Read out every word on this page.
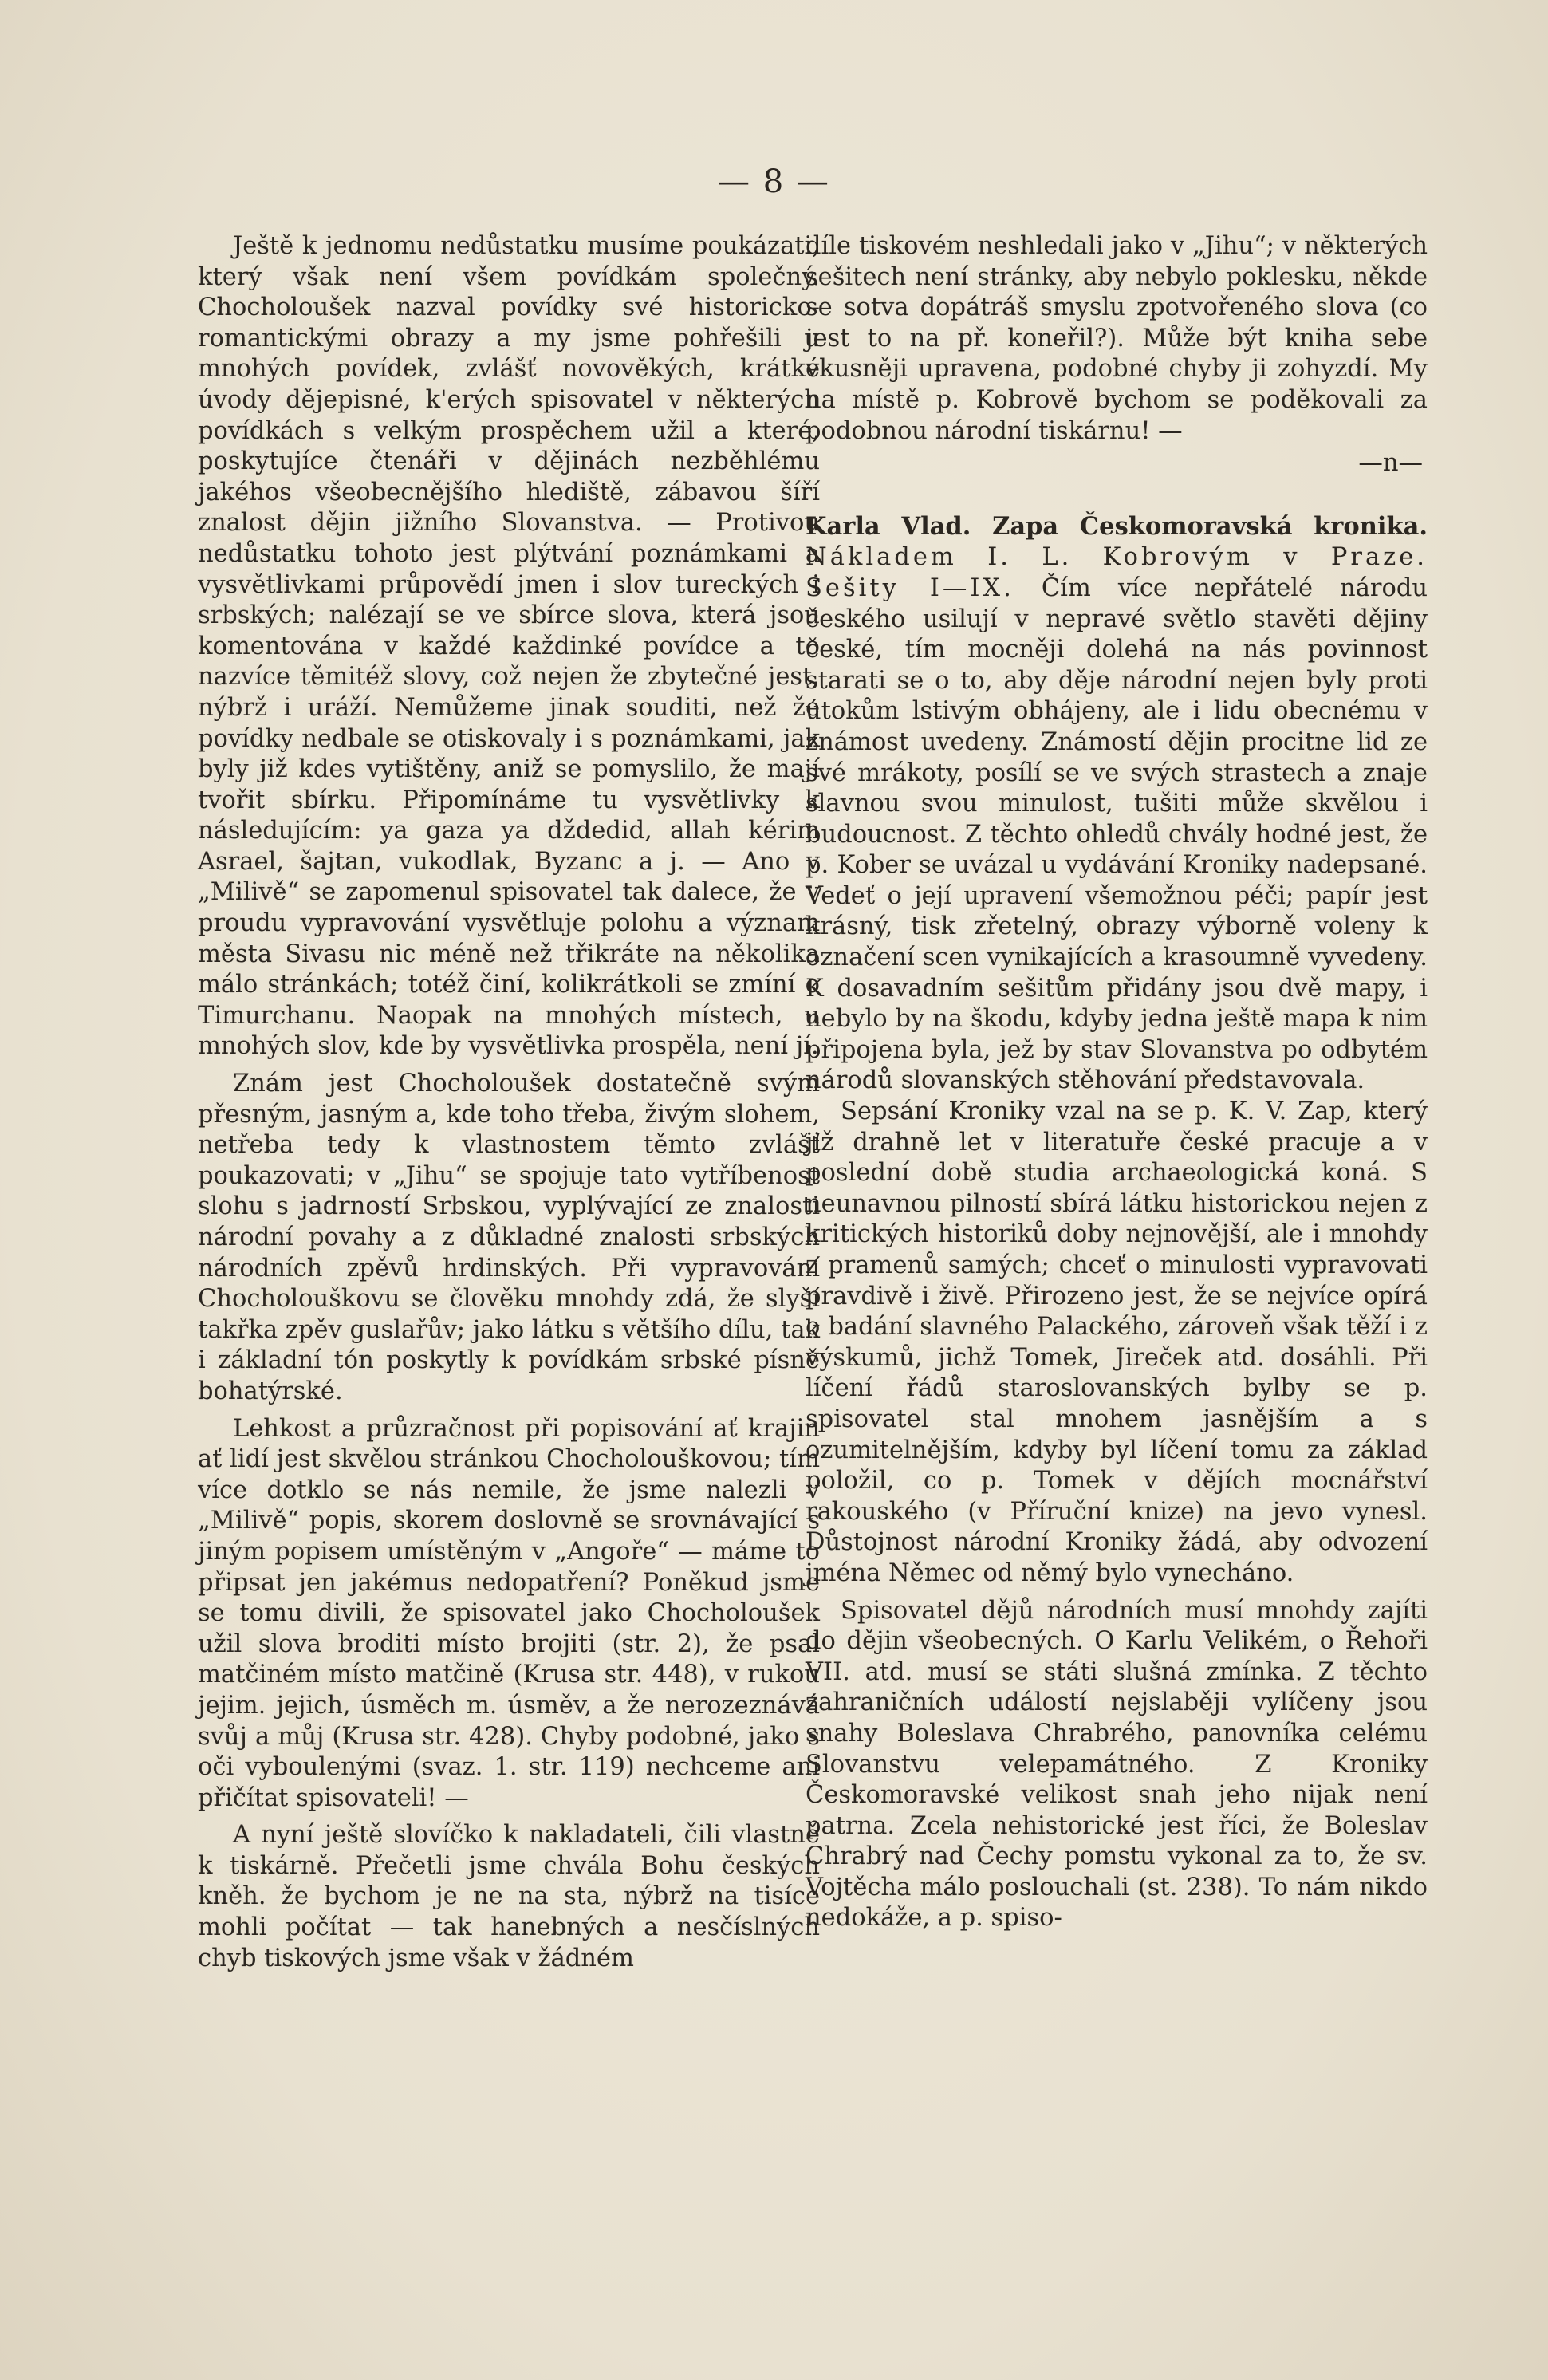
— 8 —

Ještě k jednomu nedůstatku musíme poukázati, který však není všem povídkám společný. Chocholoušek nazval povídky své historicko-romantickými obrazy a my jsme pohřešili u mnohých povídek, zvlášť novověkých, krátké úvody dějepisné, k'erých spisovatel v některých povídkách s velkým prospěchem užil a které, poskytujíce čtenáři v dějinách nezběhlému jakéhos všeobecnějšího hlediště, zábavou šíří znalost dějin jižního Slovanstva. — Protivou nedůstatku tohoto jest plýtvání poznámkami a vysvětlivkami průpovědí jmen i slov tureckých i srbských; nalézají se ve sbírce slova, která jsou komentována v každé každinké povídce a to nazvíce těmitéž slovy, což nejen že zbytečné jest, nýbrž i uráží. Nemůžeme jinak souditi, než že povídky nedbale se otiskovaly i s poznámkami, jak byly již kdes vytištěny, aniž se pomyslilo, že mají tvořit sbírku. Připomínáme tu vysvětlivky k následujícím: ya gaza ya dždedid, allah kérim Asrael, šajtan, vukodlak, Byzanc a j. — Ano v „Milivě“ se zapomenul spisovatel tak dalece, že v proudu vypravování vysvětluje polohu a význam města Sivasu nic méně než třikráte na několika málo stránkách; totéž činí, kolikrátkoli se zmíní o Timurchanu. Naopak na mnohých místech, u mnohých slov, kde by vysvětlivka prospěla, není jí.

Znám jest Chocholoušek dostatečně svým přesným, jasným a, kde toho třeba, živým slohem, netřeba tedy k vlastnostem těmto zvlášť poukazovati; v „Jihu“ se spojuje tato vytříbenost slohu s jadrností Srbskou, vyplývající ze znalosti národní povahy a z důkladné znalosti srbských národních zpěvů hrdinských. Při vypravování Chocholouškovu se člověku mnohdy zdá, že slyší takřka zpěv guslařův; jako látku s většího dílu, tak i základní tón poskytly k povídkám srbské písně bohatýrské.

Lehkost a průzračnost při popisování ať krajin ať lidí jest skvělou stránkou Chocholouškovou; tím více dotklo se nás nemile, že jsme nalezli v „Milivě“ popis, skorem doslovně se srovnávající s jiným popisem umístěným v „Angoře“ — máme to připsat jen jakémus nedopatření? Poněkud jsme se tomu divili, že spisovatel jako Chocholoušek užil slova broditi místo brojiti (str. 2), že psal matčiném místo matčině (Krusa str. 448), v rukou jejim. jejich, úsměch m. úsměv, a že nerozeznává svůj a můj (Krusa str. 428). Chyby podobné, jako s oči vyboulenými (svaz. 1. str. 119) nechceme ani přičítat spisovateli! —

A nyní ještě slovíčko k nakladateli, čili vlastně k tiskárně. Přečetli jsme chvála Bohu českých kněh. že bychom je ne na sta, nýbrž na tisíce mohli počítat — tak hanebných a nesčíslných chyb tiskových jsme však v žádném

díle tiskovém neshledali jako v „Jihu“; v některých sešitech není stránky, aby nebylo poklesku, někde se sotva dopátráš smyslu zpotvořeného slova (co jest to na př. koneřil?). Může být kniha sebe vkusněji upravena, podobné chyby ji zohyzdí. My na místě p. Kobrově bychom se poděkovali za podobnou národní tiskárnu! —

—n—

Karla Vlad. Zapa Českomoravská kronika. Nákladem I. L. Kobrovým v Praze. Sešity I—IX. Čím více nepřátelé národu českého usilují v nepravé světlo stavěti dějiny české, tím mocněji dolehá na nás povinnost starati se o to, aby děje národní nejen byly proti útokům lstivým obhájeny, ale i lidu obecnému v známost uvedeny. Známostí dějin procitne lid ze své mrákoty, posílí se ve svých strastech a znaje slavnou svou minulost, tušiti může skvělou i budoucnost. Z těchto ohledů chvály hodné jest, že p. Kober se uvázal u vydávání Kroniky nadepsané. Vedeť o její upravení všemožnou péči; papír jest krásný, tisk zřetelný, obrazy výborně voleny k označení scen vynikajících a krasoumně vyvedeny. K dosavadním sešitům přidány jsou dvě mapy, i nebylo by na škodu, kdyby jedna ještě mapa k nim připojena byla, jež by stav Slovanstva po odbytém národů slovanských stěhování představovala.

Sepsání Kroniky vzal na se p. K. V. Zap, který již drahně let v literatuře české pracuje a v poslední době studia archaeologická koná. S neunavnou pilností sbírá látku historickou nejen z kritických historiků doby nejnovější, ale i mnohdy z pramenů samých; chceť o minulosti vypravovati pravdivě i živě. Přirozeno jest, že se nejvíce opírá o badání slavného Palackého, zároveň však těží i z výskumů, jichž Tomek, Jireček atd. dosáhli. Při líčení řádů staroslovanských bylby se p. spisovatel stal mnohem jasnějším a s ozumitelnějším, kdyby byl líčení tomu za základ položil, co p. Tomek v dějích mocnářství rakouského (v Příruční knize) na jevo vynesl. Důstojnost národní Kroniky žádá, aby odvození jména Němec od němý bylo vynecháno.

Spisovatel dějů národních musí mnohdy zajíti do dějin všeobecných. O Karlu Velikém, o Řehoři VII. atd. musí se státi slušná zmínka. Z těchto zahraničních událostí nejslaběji vylíčeny jsou snahy Boleslava Chrabrého, panovníka celému Slovanstvu velepamátného. Z Kroniky Českomoravské velikost snah jeho nijak není patrna. Zcela nehistorické jest říci, že Boleslav Chrabrý nad Čechy pomstu vykonal za to, že sv. Vojtěcha málo poslouchali (st. 238). To nám nikdo nedokáže, a p. spiso-
